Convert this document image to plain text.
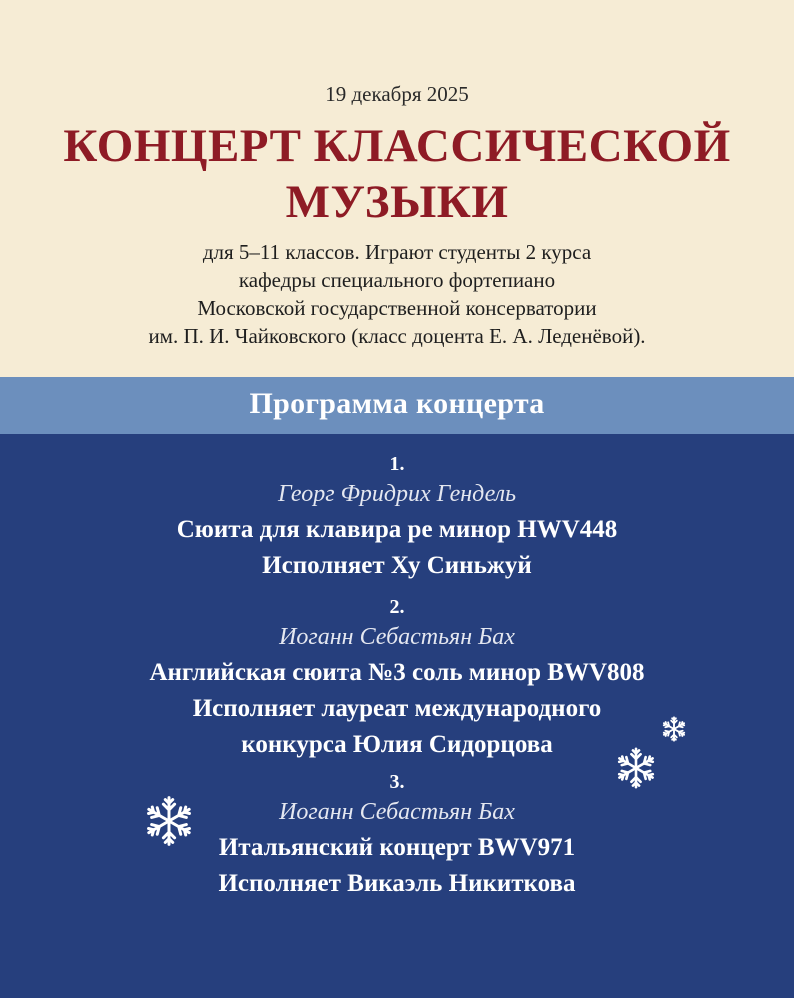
19 декабря 2025
КОНЦЕРТ КЛАССИЧЕСКОЙ
МУЗЫКИ
для 5–11 классов. Играют студенты 2 курса
кафедры специального фортепиано
Московской государственной консерватории
им. П. И. Чайковского (класс доцента Е. А. Леденёвой).
Программа концерта
1.
Георг Фридрих Гендель
Сюита для клавира ре минор HWV448
Исполняет Ху Синьжуй
2.
Иоганн Себастьян Бах
Английская сюита №3 соль минор BWV808
Исполняет лауреат международного
конкурса Юлия Сидорцова
3.
Иоганн Себастьян Бах
Итальянский концерт BWV971
Исполняет Викаэль Никиткова
